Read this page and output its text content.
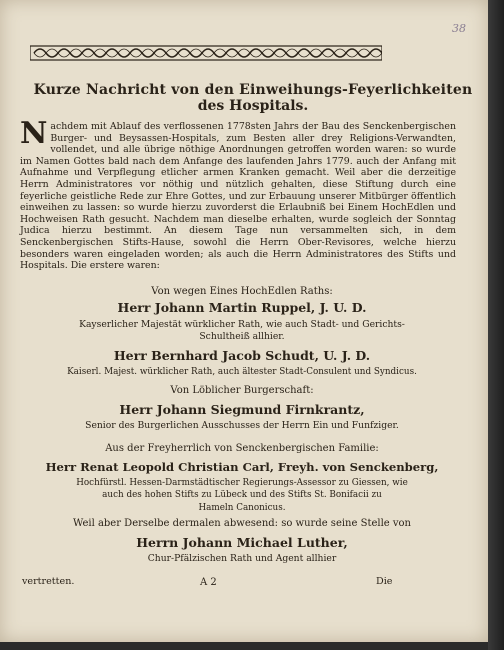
38

Kurze Nachricht von den Einweihungs-Feyerlichkeiten

des Hospitals.

Nachdem mit Ablauf des verflossenen 1778sten Jahrs der Bau des Senckenbergischen Burger- und Beysassen-Hospitals, zum Besten aller drey Religions-Verwandten, vollendet, und alle übrige nöthige Anordnungen getroffen worden waren: so wurde im Namen Gottes bald nach dem Anfange des laufenden Jahrs 1779. auch der Anfang mit Aufnahme und Verpflegung etlicher armen Kranken gemacht. Weil aber die derzeitige Herrn Administratores vor nöthig und nützlich gehalten, diese Stiftung durch eine feyerliche geistliche Rede zur Ehre Gottes, und zur Erbauung unserer Mitbürger öffentlich einweihen zu lassen: so wurde hierzu zuvorderst die Erlaubniß bei Einem HochEdlen und Hochweisen Rath gesucht. Nachdem man dieselbe erhalten, wurde sogleich der Sonntag Judica hierzu bestimmt. An diesem Tage nun versammelten sich, in dem Senckenbergischen Stifts-Hause, sowohl die Herrn Ober-Revisores, welche hierzu besonders waren eingeladen worden; als auch die Herrn Administratores des Stifts und Hospitals. Die erstere waren:
Von wegen Eines HochEdlen Raths:
Herr Johann Martin Ruppel, J. U. D.
Kayserlicher Majestät würklicher Rath, wie auch Stadt- und Gerichts-
Schultheiß allhier.
Herr Bernhard Jacob Schudt, U. J. D.
Kaiserl. Majest. würklicher Rath, auch ältester Stadt-Consulent und Syndicus.
Von Löblicher Burgerschaft:
Herr Johann Siegmund Firnkrantz,
Senior des Burgerlichen Ausschusses der Herrn Ein und Funfziger.
Aus der Freyherrlich von Senckenbergischen Familie:
Herr Renat Leopold Christian Carl, Freyh. von Senckenberg,
Hochfürstl. Hessen-Darmstädtischer Regierungs-Assessor zu Giessen, wie
auch des hohen Stifts zu Lübeck und des Stifts St. Bonifacii zu
Hameln Canonicus.
Weil aber Derselbe dermalen abwesend: so wurde seine Stelle von
Herrn Johann Michael Luther,
Chur-Pfälzischen Rath und Agent allhier
vertretten.	A 2	Die
